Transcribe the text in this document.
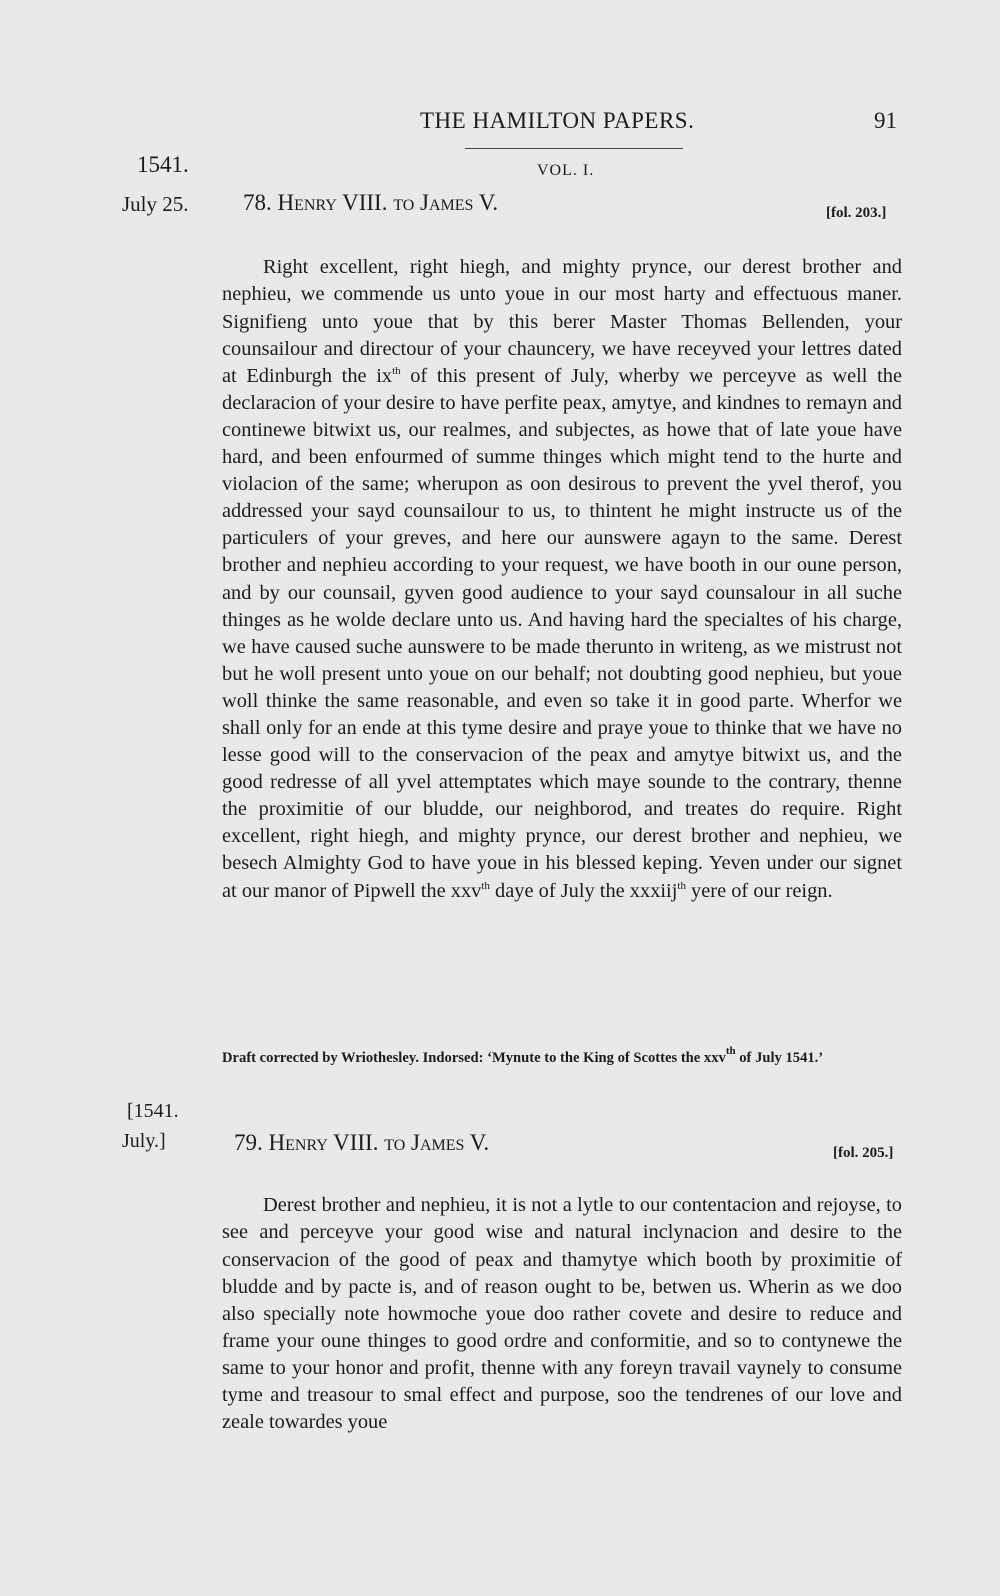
THE HAMILTON PAPERS.	91
1541.	VOL. I.
July 25. 78. Henry VIII. to James V.	[fol. 203.]

Right excellent, right hiegh, and mighty prynce, our derest brother and nephieu, we commende us unto youe in our most harty and effectuous maner. Signifieng unto youe that by this berer Master Thomas Bellenden, your counsailour and directour of your chauncery, we have receyved your lettres dated at Edinburgh the $ix^{th}$ of this present of July, wherby we perceyve as well the declaracion of your desire to have perfite peax, amytye, and kindnes to remayn and continewe bitwixt us, our realmes, and subjectes, as howe that of late youe have hard, and been enfourmed of summe thinges which might tend to the hurte and violacion of the same; wherupon as oon desirous to prevent the yvel therof, you addressed your sayd counsailour to us, to thintent he might instructe us of the particulers of your greves, and here our aunswere agayn to the same. Derest brother and nephieu according to your request, we have booth in our oune person, and by our counsail, gyven good audience to your sayd counsalour in all suche thinges as he wolde declare unto us. And having hard the specialtes of his charge, we have caused suche aunswere to be made therunto in writeng, as we mistrust not but he woll present unto youe on our behalf; not doubting good nephieu, but youe woll thinke the same reasonable, and even so take it in good parte. Wherfor we shall only for an ende at this tyme desire and praye youe to thinke that we have no lesse good will to the conservacion of the peax and amytye bitwixt us, and the good redresse of all yvel attemptates which maye sounde to the contrary, thenne the proximitie of our bludde, our neighborod, and treates do require. Right excellent, right hiegh, and mighty prynce, our derest brother and nephieu, we besech Almighty God to have youe in his blessed keping. Yeven under our signet at our manor of Pipwell the xxv$^{th}$ daye of July the xxxiij$^{th}$ yere of our reign.

Draft corrected by Wriothesley. Indorsed: ‘Mynute to the King of Scottes the xxv$^{th}$ of July 1541.’

[1541.
July.]	79. Henry VIII. to James V.	[fol. 205.]

Derest brother and nephieu, it is not a lytle to our contentacion and rejoyse, to see and perceyve your good wise and natural inclynacion and desire to the conservacion of the good of peax and thamytye which booth by proximitie of bludde and by pacte is, and of reason ought to be, betwen us. Wherin as we doo also specially note howmoche youe doo rather covete and desire to reduce and frame your oune thinges to good ordre and conformitie, and so to contynewe the same to your honor and profit, thenne with any foreyn travail vaynely to consume tyme and treasour to smal effect and purpose, soo the tendrenes of our love and zeale towardes youe
